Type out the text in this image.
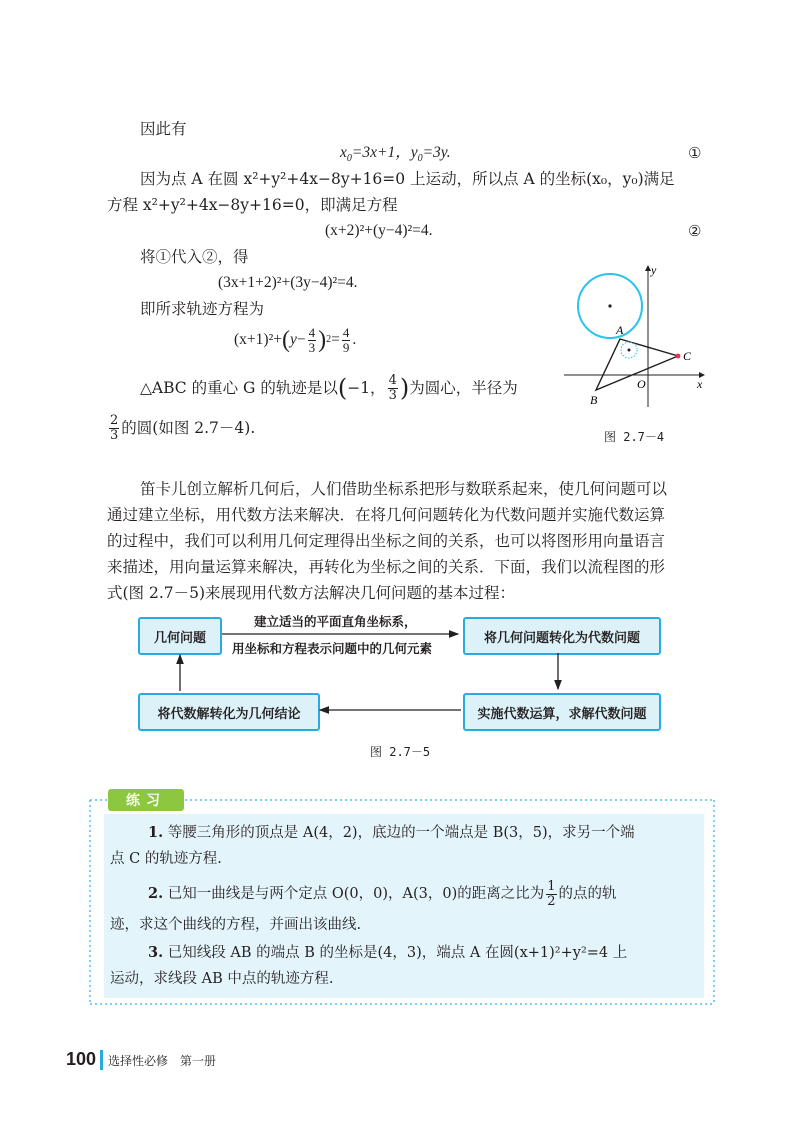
因此有
$x_0=3x+1$，$y_0=3y$.	①
因为点 A 在圆 x²+y²+4x−8y+16=0 上运动，所以点 A 的坐标(x₀，y₀)满足
方程 x²+y²+4x−8y+16=0，即满足方程
(x+2)²+(y−4)²=4.	②
将①代入②，得
(3x+1+2)²+(3y−4)²=4.
即所求轨迹方程为
(x+1)²+ ( $y - \frac{4}{3}$ ) $2 = \frac{4}{9}$ .
△ABC 的重心 G 的轨迹是以 ( −1， $\frac{4}{3}$ ) 为圆心，半径为
$\frac{2}{3}$ 的圆(如图 2.7－4).
y
x
O
A
B
C
图 2.7－4
笛卡儿创立解析几何后，人们借助坐标系把形与数联系起来，使几何问题可以
通过建立坐标，用代数方法来解决．在将几何问题转化为代数问题并实施代数运算
的过程中，我们可以利用几何定理得出坐标之间的关系，也可以将图形用向量语言
来描述，用向量运算来解决，再转化为坐标之间的关系．下面，我们以流程图的形
式(图 2.7－5)来展现用代数方法解决几何问题的基本过程：
几何问题	将几何问题转化为代数问题
实施代数运算，求解代数问题
将代数解转化为几何结论
建立适当的平面直角坐标系，
用坐标和方程表示问题中的几何元素
图 2.7－5
练习
1. 等腰三角形的顶点是 A(4，2)，底边的一个端点是 B(3，5)，求另一个端
点 C 的轨迹方程.
2.
已知一曲线是与两个定点 O(0，0)，A(3，0)的距离之比为 $\frac{1}{2}$ 的点的轨
迹，求这个曲线的方程，并画出该曲线.
3. 已知线段 AB 的端点 B 的坐标是(4，3)，端点 A 在圆(x+1)²+y²=4 上
运动，求线段 AB 中点的轨迹方程.
100 选择性必修　第一册
